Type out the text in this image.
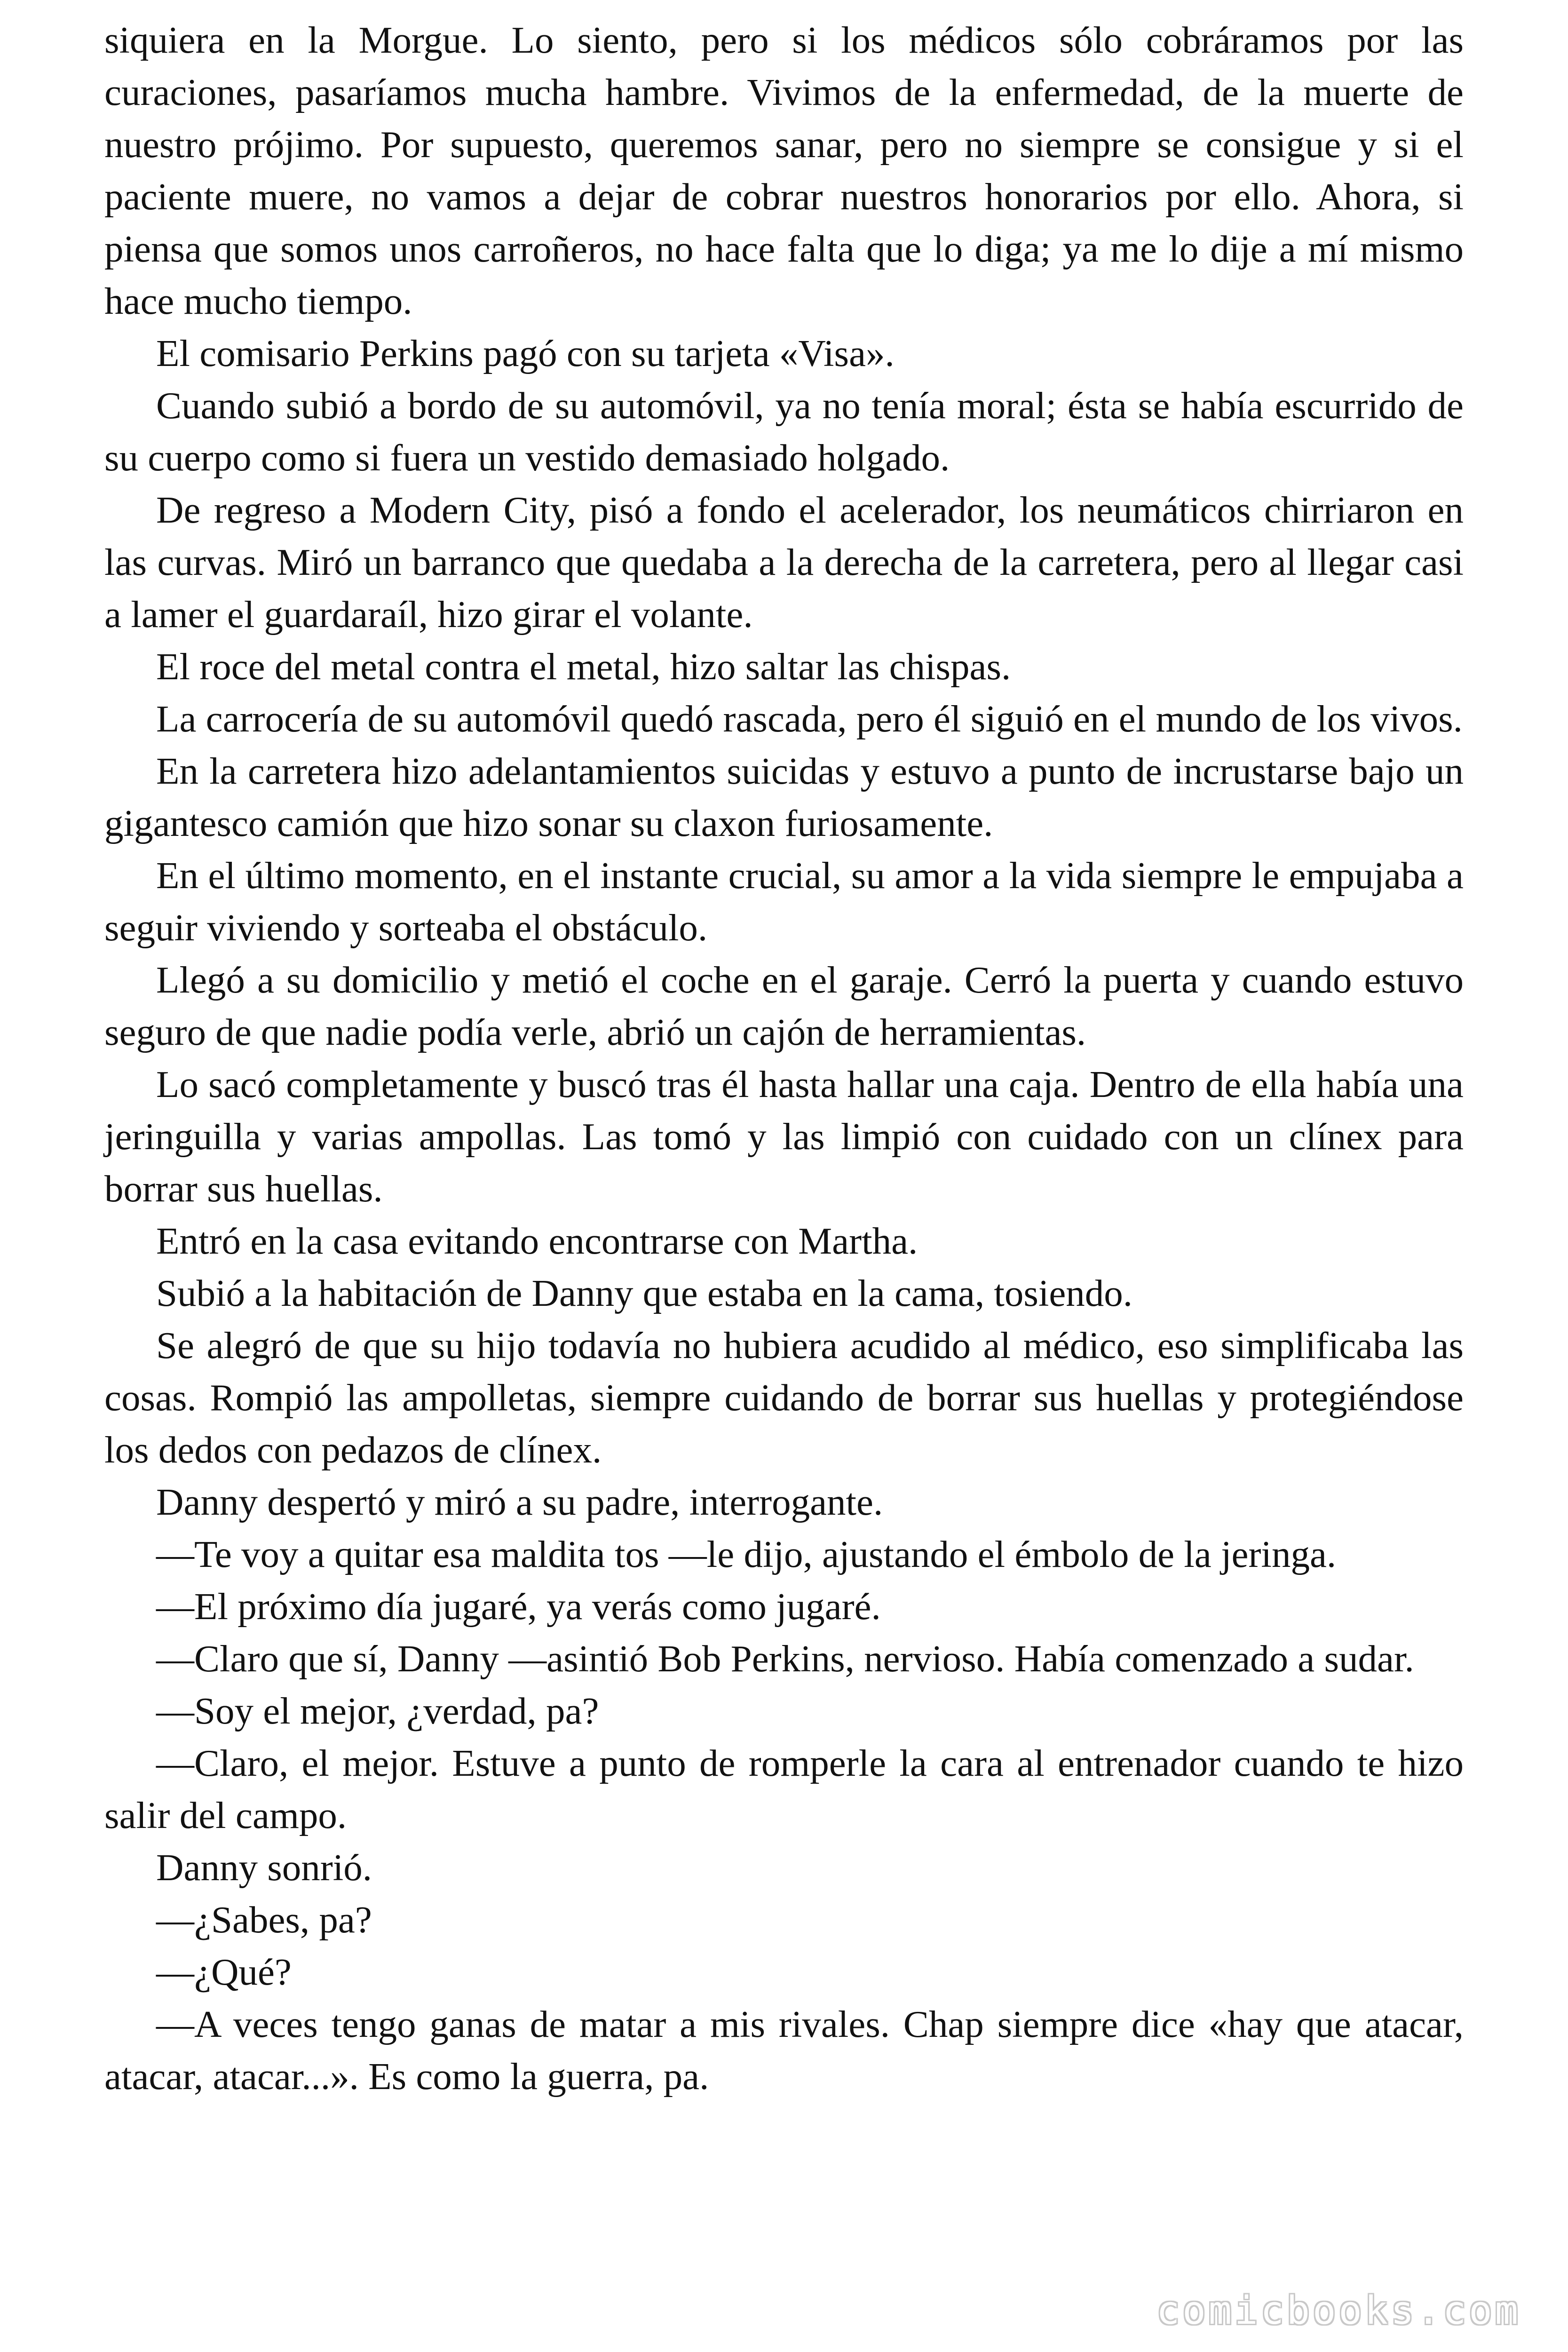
siquiera en la Morgue. Lo siento, pero si los médicos sólo cobráramos por las curaciones, pasaríamos mucha hambre. Vivimos de la enfermedad, de la muerte de nuestro prójimo. Por supuesto, queremos sanar, pero no siempre se consigue y si el paciente muere, no vamos a dejar de cobrar nuestros honorarios por ello. Ahora, si piensa que somos unos carroñeros, no hace falta que lo diga; ya me lo dije a mí mismo hace mucho tiempo.

El comisario Perkins pagó con su tarjeta «Visa».

Cuando subió a bordo de su automóvil, ya no tenía moral; ésta se había escurrido de su cuerpo como si fuera un vestido demasiado holgado.

De regreso a Modern City, pisó a fondo el acelerador, los neumáticos chirriaron en las curvas. Miró un barranco que quedaba a la derecha de la carretera, pero al llegar casi a lamer el guardaraíl, hizo girar el volante.

El roce del metal contra el metal, hizo saltar las chispas.

La carrocería de su automóvil quedó rascada, pero él siguió en el mundo de los vivos.

En la carretera hizo adelantamientos suicidas y estuvo a punto de incrustarse bajo un gigantesco camión que hizo sonar su claxon furiosamente.

En el último momento, en el instante crucial, su amor a la vida siempre le empujaba a seguir viviendo y sorteaba el obstáculo.

Llegó a su domicilio y metió el coche en el garaje. Cerró la puerta y cuando estuvo seguro de que nadie podía verle, abrió un cajón de herramientas.

Lo sacó completamente y buscó tras él hasta hallar una caja. Dentro de ella había una jeringuilla y varias ampollas. Las tomó y las limpió con cuidado con un clínex para borrar sus huellas.

Entró en la casa evitando encontrarse con Martha.

Subió a la habitación de Danny que estaba en la cama, tosiendo.

Se alegró de que su hijo todavía no hubiera acudido al médico, eso simplificaba las cosas. Rompió las ampolletas, siempre cuidando de borrar sus huellas y protegiéndose los dedos con pedazos de clínex.

Danny despertó y miró a su padre, interrogante.

—Te voy a quitar esa maldita tos —le dijo, ajustando el émbolo de la jeringa.

—El próximo día jugaré, ya verás como jugaré.

—Claro que sí, Danny —asintió Bob Perkins, nervioso. Había comenzado a sudar.

—Soy el mejor, ¿verdad, pa?

—Claro, el mejor. Estuve a punto de romperle la cara al entrenador cuando te hizo salir del campo.

Danny sonrió.

—¿Sabes, pa?

—¿Qué?

—A veces tengo ganas de matar a mis rivales. Chap siempre dice «hay que atacar, atacar, atacar...». Es como la guerra, pa.

comicbooks.com
